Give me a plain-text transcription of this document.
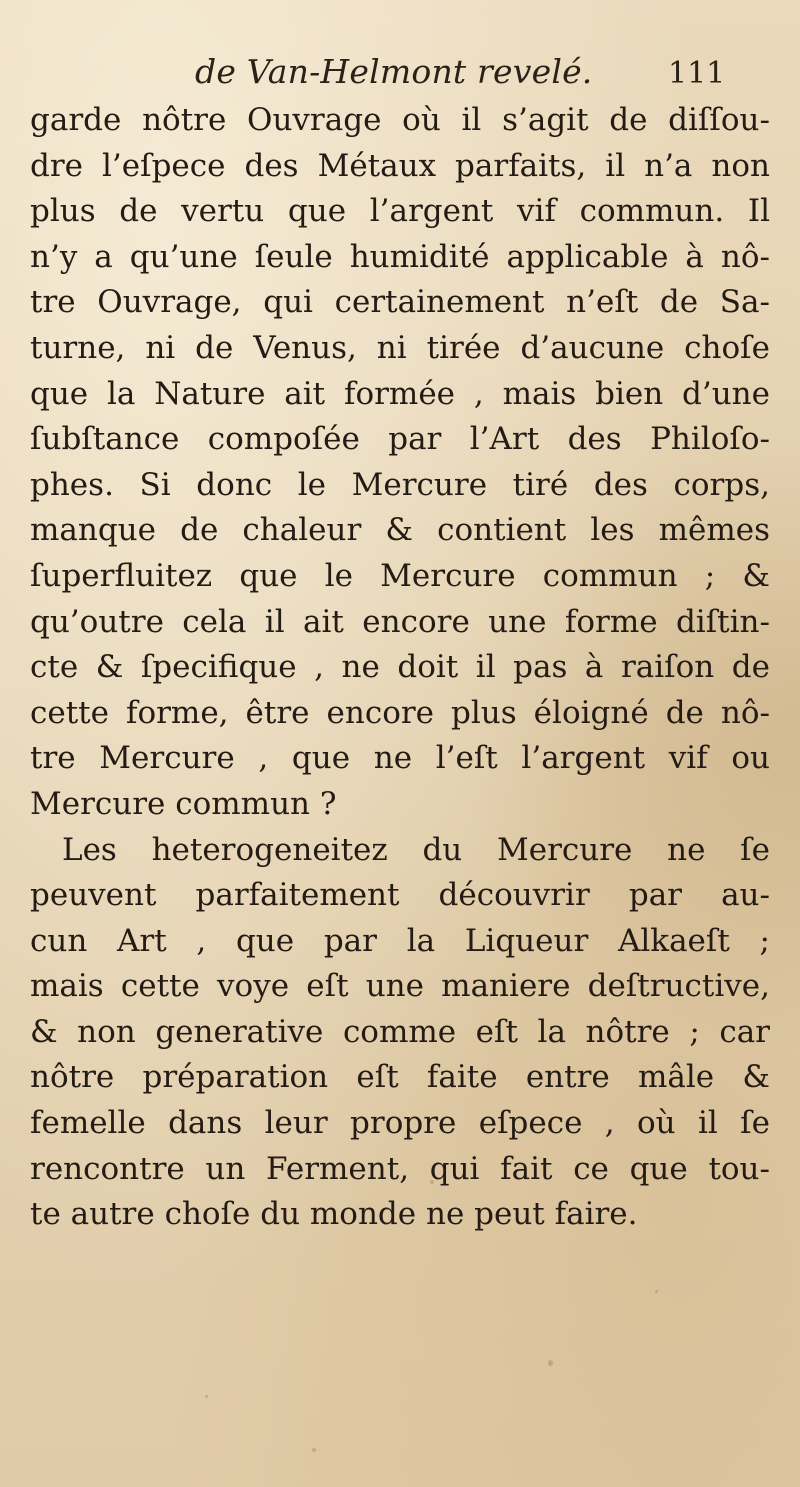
de Van-Helmont revelé.	111
garde nôtre Ouvrage où il s’agit de diſſou-
dre l’eſpece des Métaux parfaits, il n’a non
plus de vertu que l’argent vif commun. Il
n’y a qu’une ſeule humidité applicable à nô-
tre Ouvrage, qui certainement n’eſt de Sa-
turne, ni de Venus, ni tirée d’aucune choſe
que la Nature ait formée , mais bien d’une
ſubſtance compoſée par l’Art des Philoſo-
phes. Si donc le Mercure tiré des corps,
manque de chaleur & contient les mêmes
ſuperfluitez que le Mercure commun ; &
qu’outre cela il ait encore une forme diſtin-
cte & ſpecifique , ne doit il pas à raiſon de
cette forme, être encore plus éloigné de nô-
tre Mercure , que ne l’eſt l’argent vif ou
Mercure commun ?
Les heterogeneitez du Mercure ne ſe
peuvent parfaitement découvrir par au-
cun Art , que par la Liqueur Alkaeſt ;
mais cette voye eſt une maniere deſtructive,
& non generative comme eſt la nôtre ; car
nôtre préparation eſt faite entre mâle &
femelle dans leur propre eſpece , où il ſe
rencontre un Ferment, qui fait ce que tou-
te autre choſe du monde ne peut faire.
